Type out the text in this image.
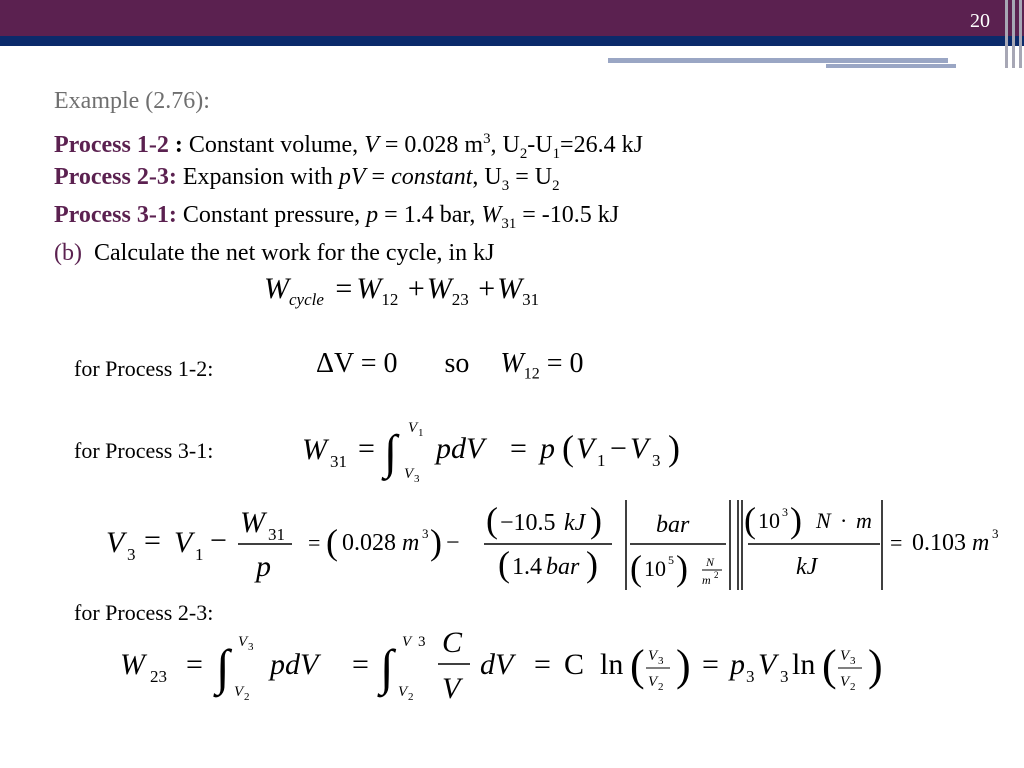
20
Example (2.76):
Process 1-2 : Constant volume, V = 0.028 $m^3$, $U_2-U_1=26.4$ kJ
Process 2-3: Expansion with pV = constant, $U_3 = U_2$
Process 3-1: Constant pressure, p = 1.4 bar, $W_{31} = -10.5$ kJ
(b) Calculate the net work for the cycle, in kJ
$W_{cycle} = W_{12} +W_{23} +W_{31}$
for Process 1-2:	ΔV = 0 so $W_{12} = 0$
for Process 3-1:	W 31 = ∫ V 1
V 3
pdV = p ( V 1 − V 3 )
V 3 = V 1 −
W 31
p
= ( 0.028 m 3 ) −
( −10.5 kJ )
( 1.4 bar )
bar
( 10 5 ) N
m 2
( 10 3 ) N · m
kJ
= 0.103 m 3
for Process 2-3:
W 23 = ∫ V 3
V 2
pdV = ∫ V 3
V 2
C
V
dV = C ln ( V 3
V 2 ) = p 3 V 3 ln ( V 3
V 2 )
